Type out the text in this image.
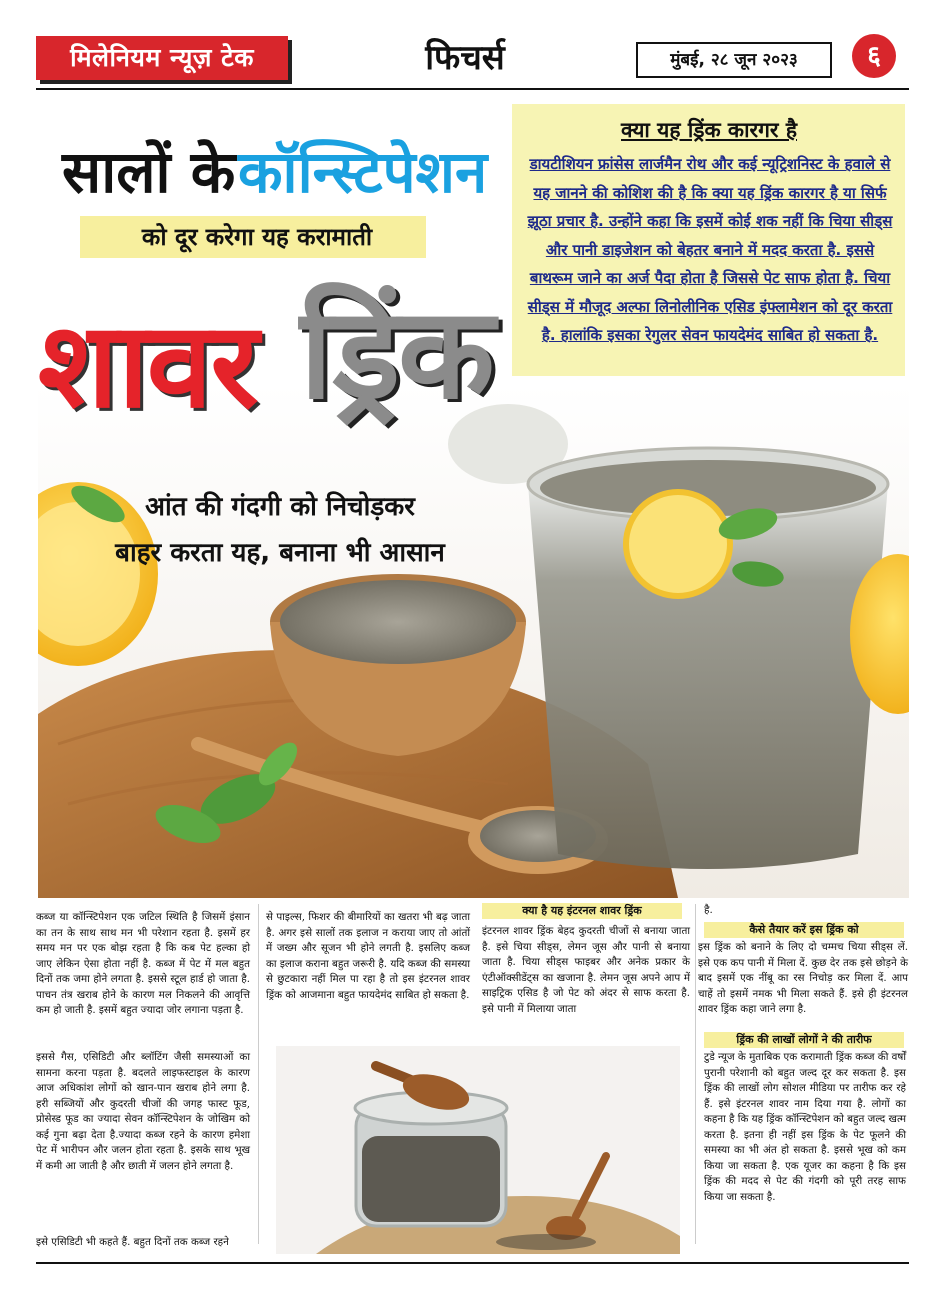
मिलेनियम न्यूज़ टेक	फिचर्स	मुंबई, २८ जून २०२३	६
सालों के कॉन्स्टिपेशन
को दूर करेगा यह करामाती
शावर ड्रिंक
आंत की गंदगी को निचोड़कर
बाहर करता यह, बनाना भी आसान
क्या यह ड्रिंक कारगर है
डायटीशियन फ्रांसेस लार्जमैन रोथ और कई न्यूट्रिशनिस्ट के हवाले से यह जानने की कोशिश की है कि क्या यह ड्रिंक कारगर है या सिर्फ झूठा प्रचार है. उन्होंने कहा कि इसमें कोई शक नहीं कि चिया सीड्स और पानी डाइजेशन को बेहतर बनाने में मदद करता है. इससे बाथरूम जाने का अर्ज पैदा होता है जिससे पेट साफ होता है. चिया सीड्स में मौजूद अल्फा लिनोलीनिक एसिड इंफ्लामेशन को दूर करता है. हालांकि इसका रेगुलर सेवन फायदेमंद साबित हो सकता है.
कब्ज या कॉन्स्टिपेशन एक जटिल स्थिति है जिसमें इंसान का तन के साथ साथ मन भी परेशान रहता है. इसमें हर समय मन पर एक बोझ रहता है कि कब पेट हल्का हो जाए लेकिन ऐसा होता नहीं है. कब्ज में पेट में मल बहुत दिनों तक जमा होने लगता है. इससे स्टूल हार्ड हो जाता है. पाचन तंत्र खराब होने के कारण मल निकलने की आवृत्ति कम हो जाती है. इसमें बहुत ज्यादा जोर लगाना पड़ता है.
इससे गैस, एसिडिटी और ब्लॉटिंग जैसी समस्याओं का सामना करना पड़ता है. बदलते लाइफस्टाइल के कारण आज अधिकांश लोगों को खान-पान खराब होने लगा है. हरी सब्जियों और कुदरती चीजों की जगह फास्ट फूड, प्रोसेस्ड फूड का ज्यादा सेवन कॉन्स्टिपेशन के जोखिम को कई गुना बढ़ा देता है.ज्यादा कब्ज रहने के कारण हमेशा पेट में भारीपन और जलन होता रहता है. इसके साथ भूख में कमी आ जाती है और छाती में जलन होने लगता है.
इसे एसिडिटी भी कहते हैं. बहुत दिनों तक कब्ज रहने
से पाइल्स, फिशर की बीमारियों का खतरा भी बढ़ जाता है. अगर इसे सालों तक इलाज न कराया जाए तो आंतों में जख्म और सूजन भी होने लगती है. इसलिए कब्ज का इलाज कराना बहुत जरूरी है. यदि कब्ज की समस्या से छुटकारा नहीं मिल पा रहा है तो इस इंटरनल शावर ड्रिंक को आजमाना बहुत फायदेमंद साबित हो सकता है.
क्या है यह इंटरनल शावर ड्रिंक
इंटरनल शावर ड्रिंक बेहद कुदरती चीजों से बनाया जाता है. इसे चिया सीड्स, लेमन जूस और पानी से बनाया जाता है. चिया सीड्स फाइबर और अनेक प्रकार के एंटीऑक्सीडेंट्स का खजाना है. लेमन जूस अपने आप में साइट्रिक एसिड है जो पेट को अंदर से साफ करता है. इसे पानी में मिलाया जाता
है.
कैसे तैयार करें इस ड्रिंक को
इस ड्रिंक को बनाने के लिए दो चम्मच चिया सीड्स लें. इसे एक कप पानी में मिला दें. कुछ देर तक इसे छोड़ने के बाद इसमें एक नींबू का रस निचोड़ कर मिला दें. आप चाहें तो इसमें नमक भी मिला सकते हैं. इसे ही इंटरनल शावर ड्रिंक कहा जाने लगा है.
ड्रिंक की लाखों लोगों ने की तारीफ
टुडे न्यूज के मुताबिक एक करामाती ड्रिंक कब्ज की वर्षों पुरानी परेशानी को बहुत जल्द दूर कर सकता है. इस ड्रिंक की लाखों लोग सोशल मीडिया पर तारीफ कर रहे हैं. इसे इंटरनल शावर नाम दिया गया है. लोगों का कहना है कि यह ड्रिंक कॉन्स्टिपेशन को बहुत जल्द खत्म करता है. इतना ही नहीं इस ड्रिंक के पेट फूलने की समस्या का भी अंत हो सकता है. इससे भूख को कम किया जा सकता है. एक यूजर का कहना है कि इस ड्रिंक की मदद से पेट की गंदगी को पूरी तरह साफ किया जा सकता है.
